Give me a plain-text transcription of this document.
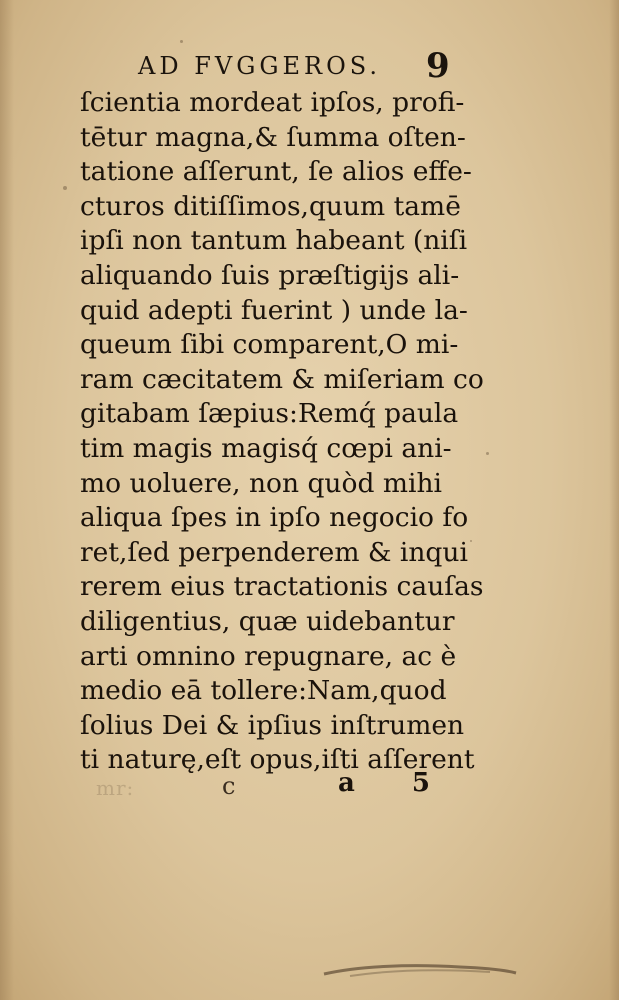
AD FVGGEROS. 9
ſcientia mordeat ipſos, profi-
tētur magna,& ſumma oſten-
tatione aſſerunt, ſe alios effe-
cturos ditiſſimos,quum tamē
ipſi non tantum habeant (niſi
aliquando ſuis præſtigijs ali-
quid adepti fuerint ) unde la-
queum ſibi comparent,O mi-
ram cæcitatem & miſeriam co
gitabam ſæpius:Remq́ paula
tim magis magisq́ cœpi ani-
mo uoluere, non quòd mihi
aliqua ſpes in ipſo negocio fo
ret,ſed perpenderem & inqui
rerem eius tractationis cauſas
diligentius, quæ uidebantur
arti omnino repugnare, ac è
medio eā tollere:Nam,quod
ſolius Dei & ipſius inſtrumen
ti naturę,eſt opus,iſti aſſerent
mr:	c	a 5
